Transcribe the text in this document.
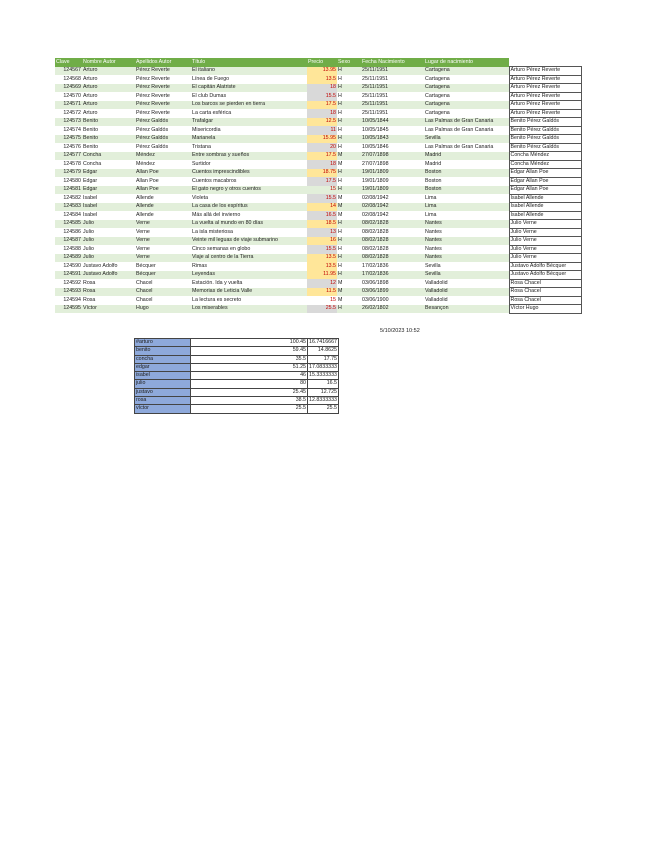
Clave	Nombre Autor	Apellidos Autor	Título	Precio	Sexo	Fecha Nacimiento	Lugar de nacimiento	
124567	Arturo	Pérez Reverte	El italiano	13.95	H	25/11/1951	Cartagena	Arturo Pérez Reverte
124568	Arturo	Pérez Reverte	Línea de Fuego	13.5	H	25/11/1951	Cartagena	Arturo Pérez Reverte
124569	Arturo	Pérez Reverte	El capitán Alatriste	18	H	25/11/1951	Cartagena	Arturo Pérez Reverte
124570	Arturo	Pérez Reverte	El club Dumas	15.5	H	25/11/1951	Cartagena	Arturo Pérez Reverte
124571	Arturo	Pérez Reverte	Los barcos se pierden en tierra	17.5	H	25/11/1951	Cartagena	Arturo Pérez Reverte
124572	Arturo	Pérez Reverte	La carta esférica	18	H	25/11/1951	Cartagena	Arturo Pérez Reverte
124573	Benito	Pérez Galdós	Trafalgar	12.5	H	10/05/1844	Las Palmas de Gran Canaria	Benito Pérez Galdós
124574	Benito	Pérez Galdós	Misericordia	11	H	10/05/1845	Las Palmas de Gran Canaria	Benito Pérez Galdós
124575	Benito	Pérez Galdós	Marianela	15.95	H	10/05/1843	Sevilla	Benito Pérez Galdós
124576	Benito	Pérez Galdós	Tristana	20	H	10/05/1846	Las Palmas de Gran Canaria	Benito Pérez Galdós
124577	Concha	Méndez	Entre sombras y sueños	17.5	M	27/07/1898	Madrid	Concha Méndez
124578	Concha	Méndez	Surtidor	18	M	27/07/1898	Madrid	Concha Méndez
124579	Edgar	Allan Poe	Cuentos imprescindibles	18.75	H	19/01/1809	Boston	Edgar Allan Poe
124580	Edgar	Allan Poe	Cuentos macabros	17.5	H	19/01/1809	Boston	Edgar Allan Poe
124581	Edgar	Allan Poe	El gato negro y otros cuentos	15	H	19/01/1809	Boston	Edgar Allan Poe
124582	Isabel	Allende	Violeta	15.5	M	02/08/1942	Lima	Isabel Allende
124583	Isabel	Allende	La casa de los espíritus	14	M	02/08/1942	Lima	Isabel Allende
124584	Isabel	Allende	Más allá del invierno	16.5	M	02/08/1942	Lima	Isabel Allende
124585	Julio	Verne	La vuelta al mundo en 80 días	18.5	H	08/02/1828	Nantes	Julio Verne
124586	Julio	Verne	La isla misteriosa	13	H	08/02/1828	Nantes	Julio Verne
124587	Julio	Verne	Veinte mil leguas de viaje submarino	16	H	08/02/1828	Nantes	Julio Verne
124588	Julio	Verne	Cinco semanas en globo	15.5	H	08/02/1828	Nantes	Julio Verne
124589	Julio	Verne	Viaje al centro de la Tierra	13.5	H	08/02/1828	Nantes	Julio Verne
124590	Justavo Adolfo	Bécquer	Rimas	13.5	H	17/02/1836	Sevilla	Justavo Adolfo Bécquer
124591	Justavo Adolfo	Bécquer	Leyendas	11.95	H	17/02/1836	Sevilla	Justavo Adolfo Bécquer
124592	Rosa	Chacel	Estación. Ida y vuelta	12	M	03/06/1898	Valladolid	Rosa Chacel
124593	Rosa	Chacel	Memorias de Leticia Valle	11.5	M	03/06/1899	Valladolid	Rosa Chacel
124594	Rosa	Chacel	La lectura es secreto	15	M	03/06/1900	Valladolid	Rosa Chacel
124595	Víctor	Hugo	Los miserables	25.5	H	26/02/1802	Besançon	Víctor Hugo
5/10/2023 10:52
#arturo	100.45	16.7416667
benito	59.45	14.8625
concha	35.5	17.75
edgar	51.25	17.0833333
isabel	46	15.3333333
julio	80	16.5
justavo	25.45	12.725
rosa	38.5	12.8333333
víctor	25.5	25.5
